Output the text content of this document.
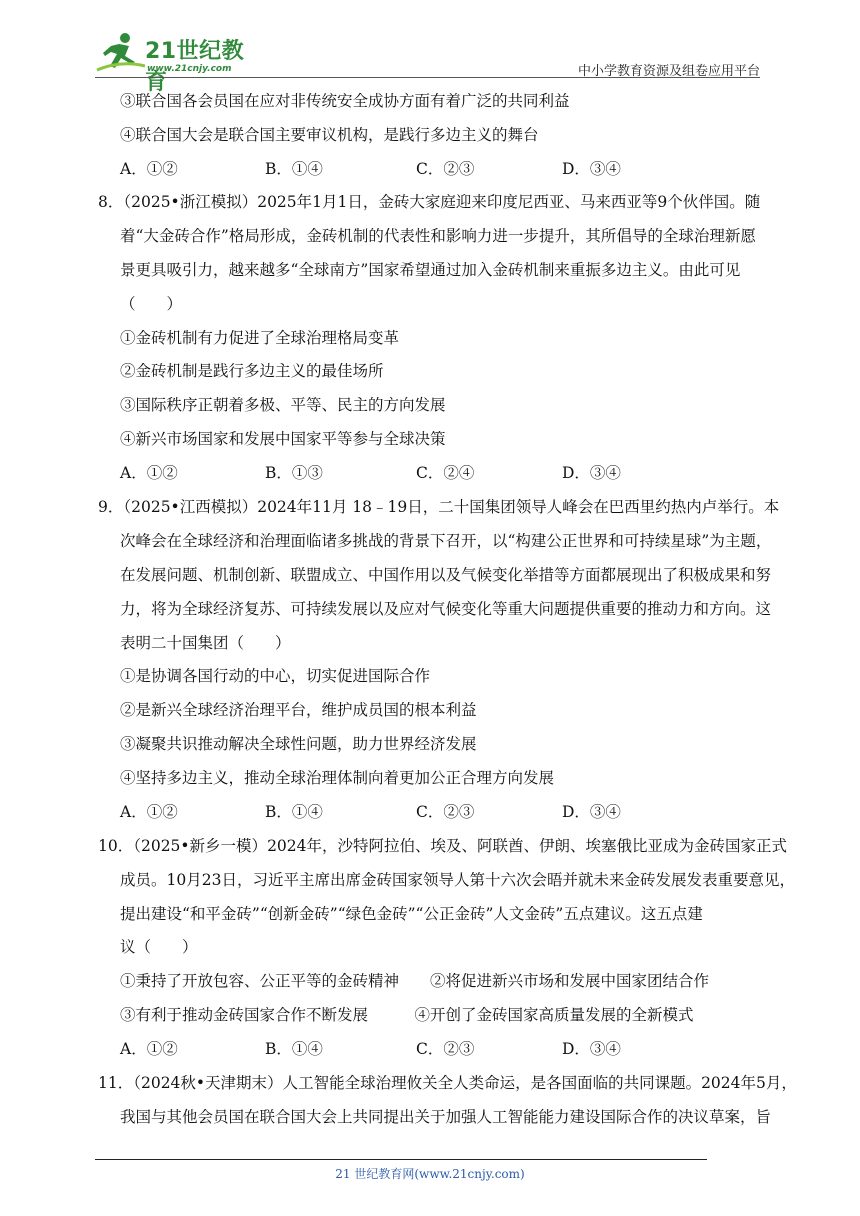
21世纪教育
www.21cnjy.com	中小学教育资源及组卷应用平台
③联合国各会员国在应对非传统安全成协方面有着广泛的共同利益
④联合国大会是联合国主要审议机构，是践行多边主义的舞台
8．（2025•浙江模拟）2025年1月1日，金砖大家庭迎来印度尼西亚、马来西亚等9个伙伴国。随
着“大金砖合作”格局形成，金砖机制的代表性和影响力进一步提升，其所倡导的全球治理新愿
景更具吸引力，越来越多“全球南方”国家希望通过加入金砖机制来重振多边主义。由此可见
（　　）
①金砖机制有力促进了全球治理格局变革
②金砖机制是践行多边主义的最佳场所
③国际秩序正朝着多极、平等、民主的方向发展
④新兴市场国家和发展中国家平等参与全球决策
9．（2025•江西模拟）2024年11月 18﹣19日，二十国集团领导人峰会在巴西里约热内卢举行。本
次峰会在全球经济和治理面临诸多挑战的背景下召开，以“构建公正世界和可持续星球”为主题，
在发展问题、机制创新、联盟成立、中国作用以及气候变化举措等方面都展现出了积极成果和努
力，将为全球经济复苏、可持续发展以及应对气候变化等重大问题提供重要的推动力和方向。这
表明二十国集团（　　）
①是协调各国行动的中心，切实促进国际合作
②是新兴全球经济治理平台，维护成员国的根本利益
③凝聚共识推动解决全球性问题，助力世界经济发展
④坚持多边主义，推动全球治理体制向着更加公正合理方向发展
10．（2025•新乡一模）2024年，沙特阿拉伯、埃及、阿联酋、伊朗、埃塞俄比亚成为金砖国家正式
成员。10月23日，习近平主席出席金砖国家领导人第十六次会晤并就未来金砖发展发表重要意见，
提出建设“和平金砖”“创新金砖”“绿色金砖”“公正金砖”人文金砖”五点建议。这五点建
议（　　）
①秉持了开放包容、公正平等的金砖精神　　②将促进新兴市场和发展中国家团结合作
③有利于推动金砖国家合作不断发展　　　④开创了金砖国家高质量发展的全新模式
11．（2024秋•天津期末）人工智能全球治理攸关全人类命运，是各国面临的共同课题。2024年5月，
我国与其他会员国在联合国大会上共同提出关于加强人工智能能力建设国际合作的决议草案，旨
A．①②	B．①④	C．②③	D．③④
A．①②	B．①③	C．②④	D．③④
A．①②	B．①④	C．②③	D．③④
A．①②	B．①④	C．②③	D．③④
21 世纪教育网(www.21cnjy.com)
